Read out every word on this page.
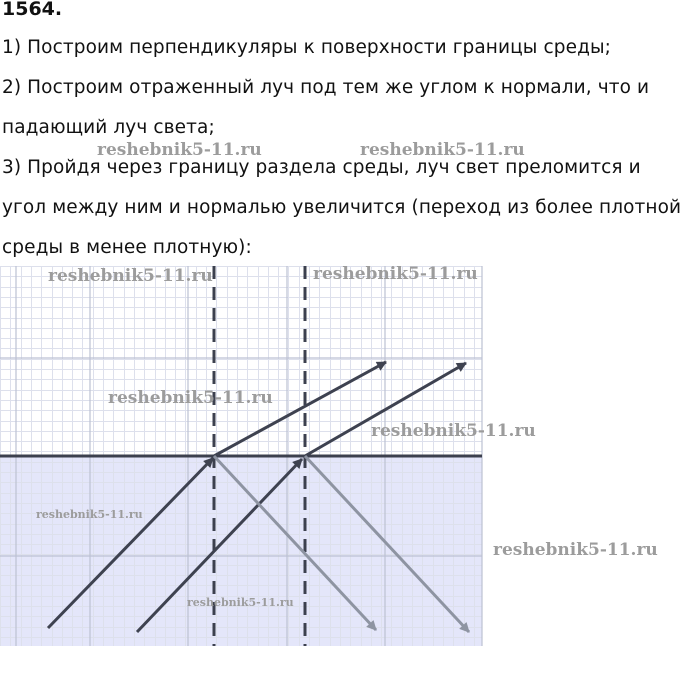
1564.
1) Построим перпендикуляры к поверхности границы среды;
2) Построим отраженный луч под тем же углом к нормали, что и
падающий луч света;
3) Пройдя через границу раздела среды, луч свет преломится и
угол между ним и нормалью увеличится (переход из более плотной
среды в менее плотную):
reshebnik5-11.ru	reshebnik5-11.ru
reshebnik5-11.ru	reshebnik5-11.ru
reshebnik5-11.ru
reshebnik5-11.ru
reshebnik5-11.ru
reshebnik5-11.ru
reshebnik5-11.ru
